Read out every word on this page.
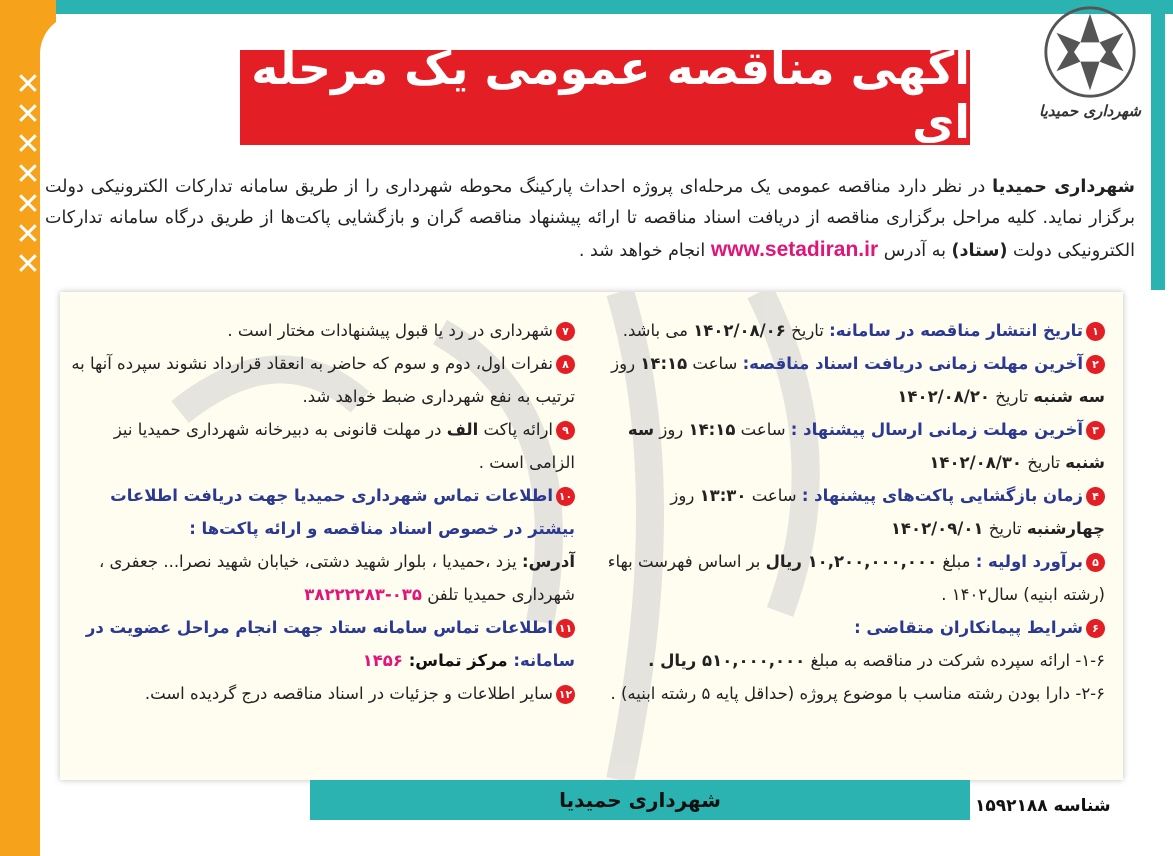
✕
✕
✕
✕
✕
✕
✕
شهرداری حمیدیا
آگهی مناقصه عمومی یک مرحله ای
شهرداری حمیدیا در نظر دارد مناقصه عمومی یک مرحله‌ای پروژه احداث پارکینگ محوطه شهرداری را از طریق سامانه تدارکات الکترونیکی دولت برگزار نماید. کلیه مراحل برگزاری مناقصه از دریافت اسناد مناقصه تا ارائه پیشنهاد مناقصه گران و بازگشایی پاکت‌ها از طریق درگاه سامانه تدارکات الکترونیکی دولت (ستاد) به آدرس www.setadiran.ir انجام خواهد شد .
۱تاریخ انتشار مناقصه در سامانه: تاریخ ۱۴۰۲/۰۸/۰۶ می باشد.
۲آخرین مهلت زمانی دریافت اسناد مناقصه: ساعت ۱۴:۱۵ روز سه شنبه تاریخ ۱۴۰۲/۰۸/۲۰
۳آخرین مهلت زمانی ارسال پیشنهاد : ساعت ۱۴:۱۵ روز سه شنبه تاریخ ۱۴۰۲/۰۸/۳۰
۴زمان بازگشایی پاکت‌های پیشنهاد : ساعت ۱۳:۳۰ روز چهارشنبه تاریخ ۱۴۰۲/۰۹/۰۱
۵برآورد اولیه : مبلغ ۱۰,۲۰۰,۰۰۰,۰۰۰ ریال بر اساس فهرست بهاء (رشته ابنیه) سال۱۴۰۲ .
۶شرایط پیمانکاران متقاضی :
۱-۶- ارائه سپرده شرکت در مناقصه به مبلغ ۵۱۰,۰۰۰,۰۰۰ ریال .
۲-۶- دارا بودن رشته مناسب با موضوع پروژه (حداقل پایه ۵ رشته ابنیه) .
۷شهرداری در رد یا قبول پیشنهادات مختار است .
۸نفرات اول، دوم و سوم که حاضر به انعقاد قرارداد نشوند سپرده آنها به ترتیب به نفع شهرداری ضبط خواهد شد.
۹ارائه پاکت الف در مهلت قانونی به دبیرخانه شهرداری حمیدیا نیز الزامی است .
۱۰اطلاعات تماس شهرداری حمیدیا جهت دریافت اطلاعات بیشتر در خصوص اسناد مناقصه و ارائه پاکت‌ها :
آدرس: یزد ،حمیدیا ، بلوار شهید دشتی، خیابان شهید نصرا... جعفری ، شهرداری حمیدیا تلفن ۰۳۵-۳۸۲۲۲۲۸۳
۱۱اطلاعات تماس سامانه ستاد جهت انجام مراحل عضویت در سامانه: مرکز تماس: ۱۴۵۶
۱۲سایر اطلاعات و جزئیات در اسناد مناقصه درج گردیده است.
شهرداری حمیدیا	شناسه ۱۵۹۲۱۸۸
